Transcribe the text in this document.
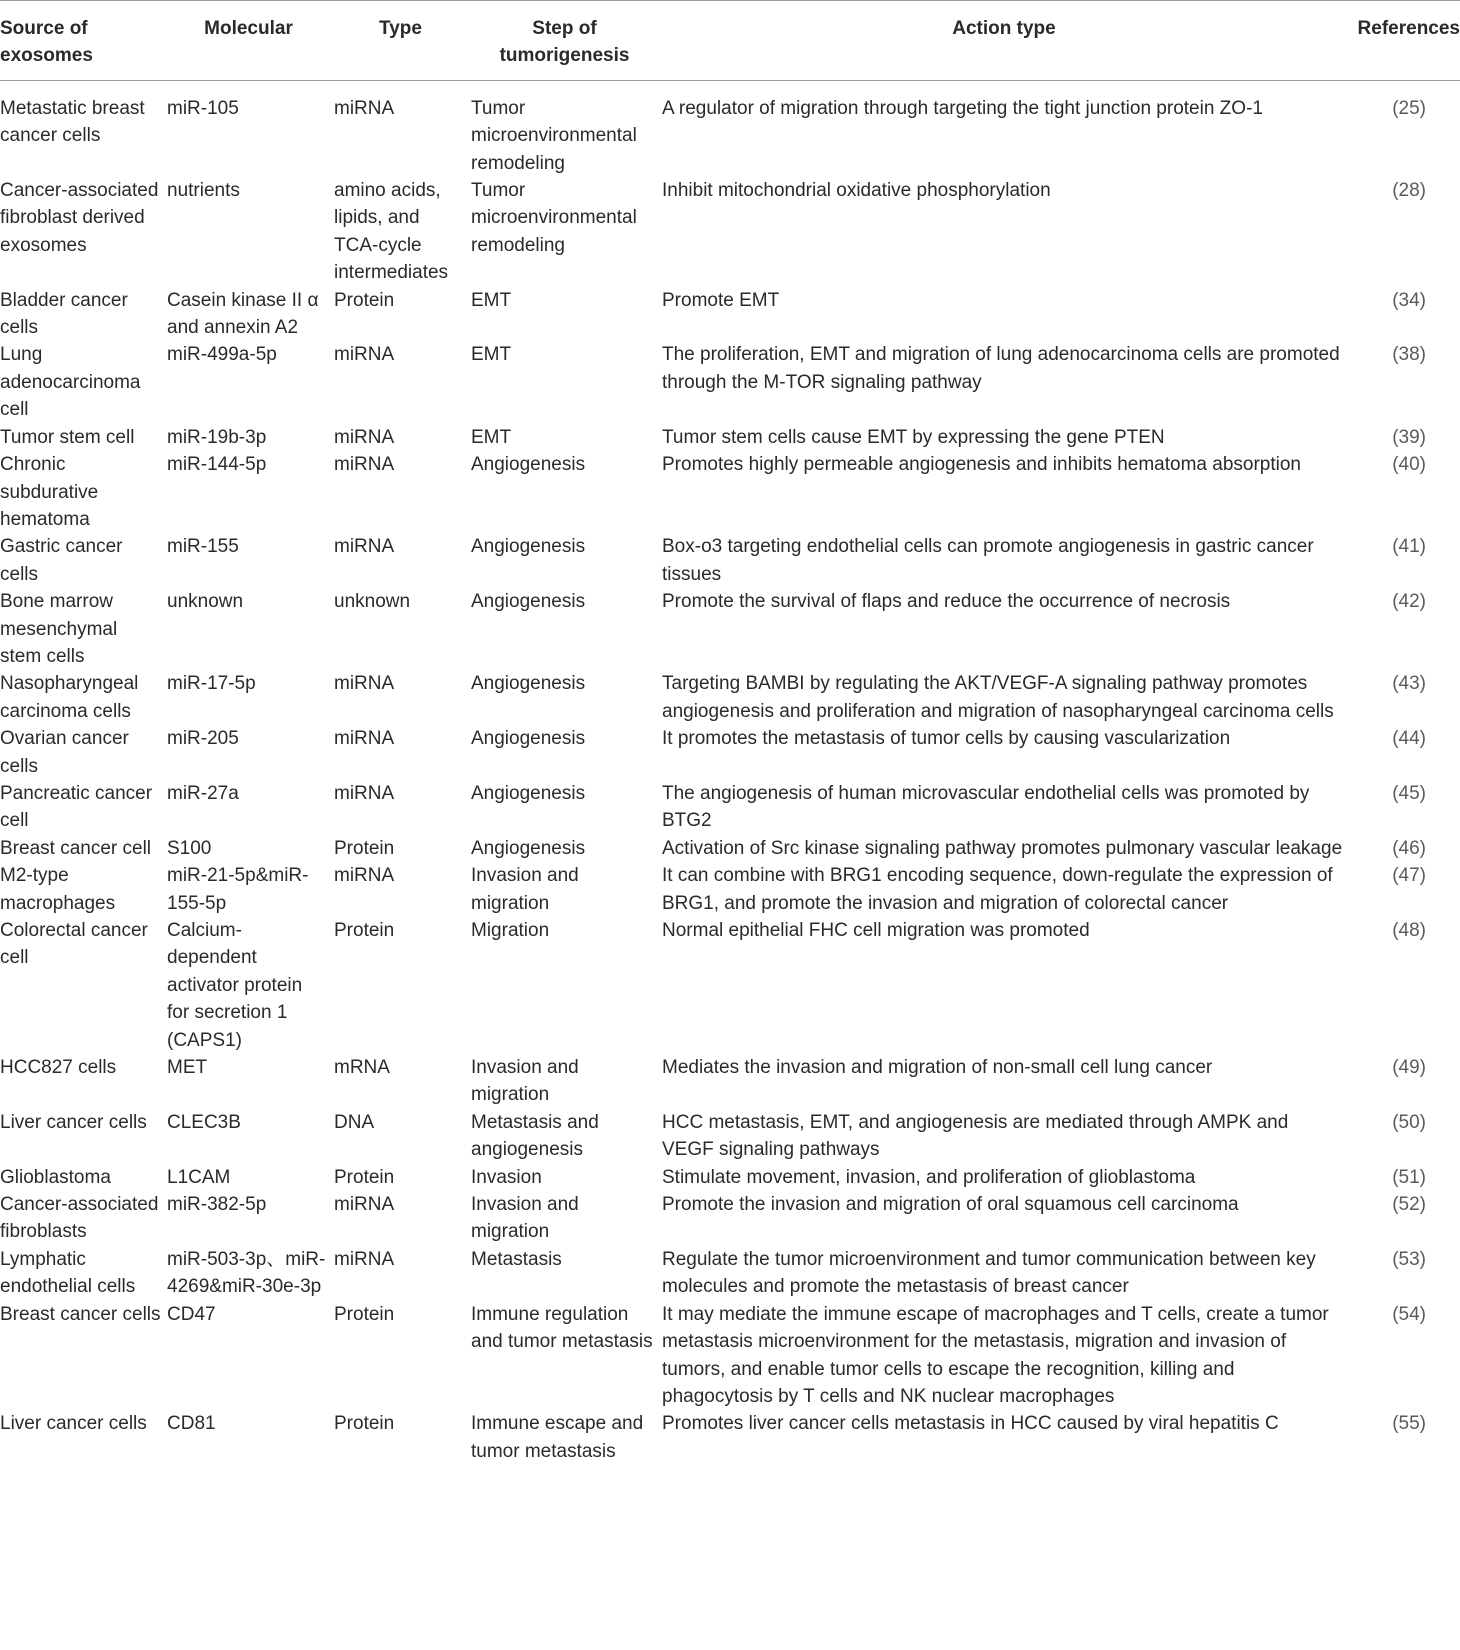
Source of exosomes	Molecular	Type	Step of tumorigenesis	Action type	References
Metastatic breast cancer cells	miR-105	miRNA	Tumor microenvironmental remodeling	A regulator of migration through targeting the tight junction protein ZO-1	(25)
Cancer-associated fibroblast derived exosomes	nutrients	amino acids, lipids, and TCA-cycle intermediates	Tumor microenvironmental remodeling	Inhibit mitochondrial oxidative phosphorylation	(28)
Bladder cancer cells	Casein kinase II α and annexin A2	Protein	EMT	Promote EMT	(34)
Lung adenocarcinoma cell	miR-499a-5p	miRNA	EMT	The proliferation, EMT and migration of lung adenocarcinoma cells are promoted through the M-TOR signaling pathway	(38)
Tumor stem cell	miR-19b-3p	miRNA	EMT	Tumor stem cells cause EMT by expressing the gene PTEN	(39)
Chronic subdurative hematoma	miR-144-5p	miRNA	Angiogenesis	Promotes highly permeable angiogenesis and inhibits hematoma absorption	(40)
Gastric cancer cells	miR-155	miRNA	Angiogenesis	Box-o3 targeting endothelial cells can promote angiogenesis in gastric cancer tissues	(41)
Bone marrow mesenchymal stem cells	unknown	unknown	Angiogenesis	Promote the survival of flaps and reduce the occurrence of necrosis	(42)
Nasopharyngeal carcinoma cells	miR-17-5p	miRNA	Angiogenesis	Targeting BAMBI by regulating the AKT/VEGF-A signaling pathway promotes angiogenesis and proliferation and migration of nasopharyngeal carcinoma cells	(43)
Ovarian cancer cells	miR-205	miRNA	Angiogenesis	It promotes the metastasis of tumor cells by causing vascularization	(44)
Pancreatic cancer cell	miR-27a	miRNA	Angiogenesis	The angiogenesis of human microvascular endothelial cells was promoted by BTG2	(45)
Breast cancer cell	S100	Protein	Angiogenesis	Activation of Src kinase signaling pathway promotes pulmonary vascular leakage	(46)
M2-type macrophages	miR-21-5p&miR-155-5p	miRNA	Invasion and migration	It can combine with BRG1 encoding sequence, down-regulate the expression of BRG1, and promote the invasion and migration of colorectal cancer	(47)
Colorectal cancer cell	Calcium-dependent activator protein for secretion 1 (CAPS1)	Protein	Migration	Normal epithelial FHC cell migration was promoted	(48)
HCC827 cells	MET	mRNA	Invasion and migration	Mediates the invasion and migration of non-small cell lung cancer	(49)
Liver cancer cells	CLEC3B	DNA	Metastasis and angiogenesis	HCC metastasis, EMT, and angiogenesis are mediated through AMPK and VEGF signaling pathways	(50)
Glioblastoma	L1CAM	Protein	Invasion	Stimulate movement, invasion, and proliferation of glioblastoma	(51)
Cancer-associated fibroblasts	miR-382-5p	miRNA	Invasion and migration	Promote the invasion and migration of oral squamous cell carcinoma	(52)
Lymphatic endothelial cells	miR-503-3p、miR-4269&miR-30e-3p	miRNA	Metastasis	Regulate the tumor microenvironment and tumor communication between key molecules and promote the metastasis of breast cancer	(53)
Breast cancer cells	CD47	Protein	Immune regulation and tumor metastasis	It may mediate the immune escape of macrophages and T cells, create a tumor metastasis microenvironment for the metastasis, migration and invasion of tumors, and enable tumor cells to escape the recognition, killing and phagocytosis by T cells and NK nuclear macrophages	(54)
Liver cancer cells	CD81	Protein	Immune escape and tumor metastasis	Promotes liver cancer cells metastasis in HCC caused by viral hepatitis C	(55)
